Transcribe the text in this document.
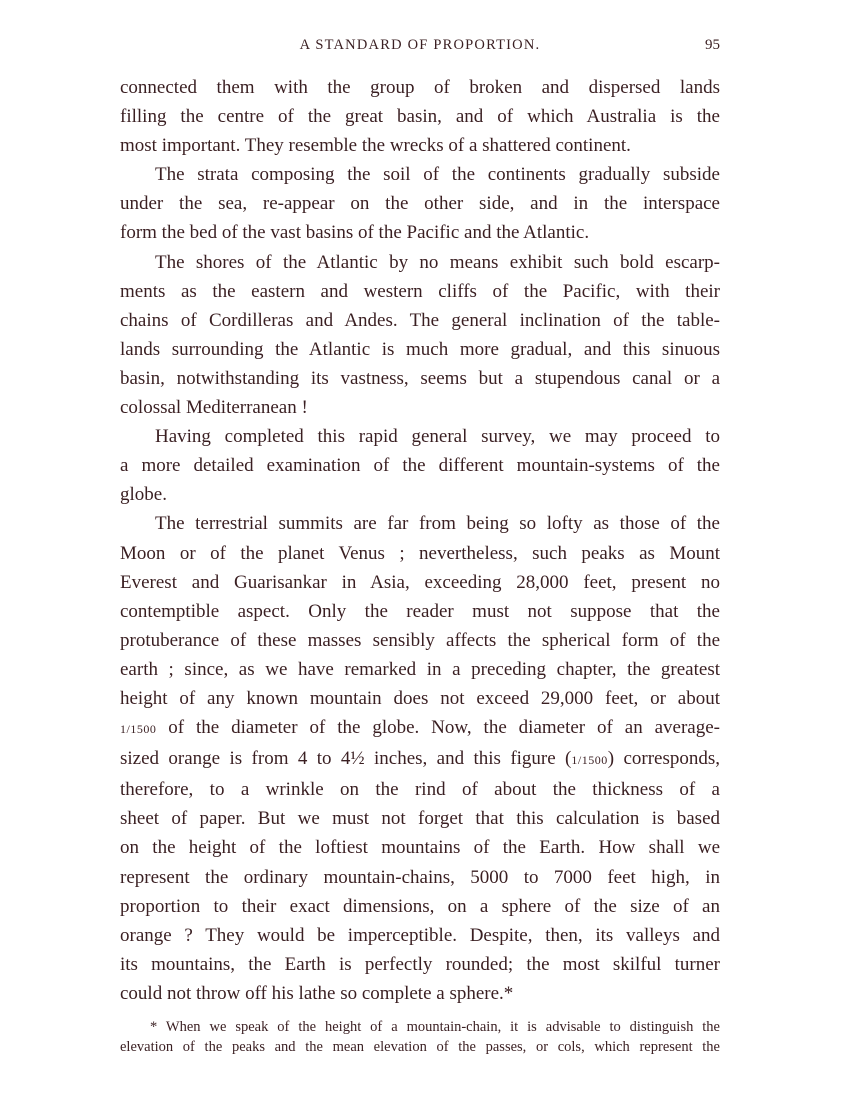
A STANDARD OF PROPORTION.	95

connected them with the group of broken and dispersed lands
filling the centre of the great basin, and of which Australia is the
most important. They resemble the wrecks of a shattered continent.

The strata composing the soil of the continents gradually subside
under the sea, re-appear on the other side, and in the interspace
form the bed of the vast basins of the Pacific and the Atlantic.

The shores of the Atlantic by no means exhibit such bold escarp-
ments as the eastern and western cliffs of the Pacific, with their
chains of Cordilleras and Andes. The general inclination of the table-
lands surrounding the Atlantic is much more gradual, and this sinuous
basin, notwithstanding its vastness, seems but a stupendous canal or a
colossal Mediterranean !

Having completed this rapid general survey, we may proceed to
a more detailed examination of the different mountain-systems of the
globe.

The terrestrial summits are far from being so lofty as those of the
Moon or of the planet Venus ; nevertheless, such peaks as Mount
Everest and Guarisankar in Asia, exceeding 28,000 feet, present no
contemptible aspect. Only the reader must not suppose that the
protuberance of these masses sensibly affects the spherical form of the
earth ; since, as we have remarked in a preceding chapter, the greatest
height of any known mountain does not exceed 29,000 feet, or about
1/1500 of the diameter of the globe. Now, the diameter of an average-
sized orange is from 4 to 4½ inches, and this figure (1/1500) corresponds,
therefore, to a wrinkle on the rind of about the thickness of a
sheet of paper. But we must not forget that this calculation is based
on the height of the loftiest mountains of the Earth. How shall we
represent the ordinary mountain-chains, 5000 to 7000 feet high, in
proportion to their exact dimensions, on a sphere of the size of an
orange ? They would be imperceptible. Despite, then, its valleys and
its mountains, the Earth is perfectly rounded; the most skilful turner
could not throw off his lathe so complete a sphere.*

* When we speak of the height of a mountain-chain, it is advisable to distinguish the
elevation of the peaks and the mean elevation of the passes, or cols, which represent the
